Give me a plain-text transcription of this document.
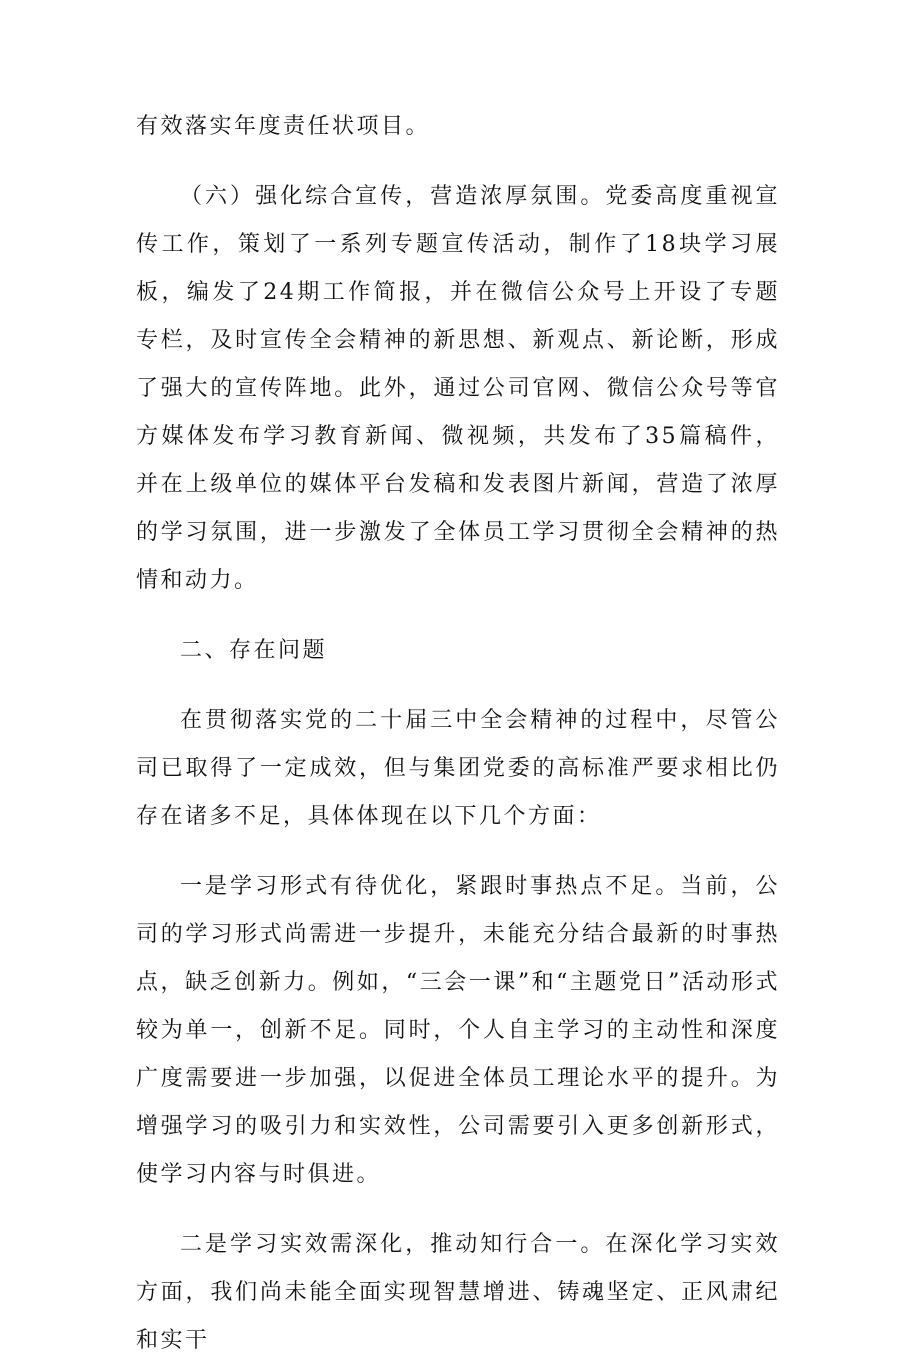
有效落实年度责任状项目。

（六）强化综合宣传，营造浓厚氛围。党委高度重视宣传工作，策划了一系列专题宣传活动，制作了18块学习展板，编发了24期工作简报，并在微信公众号上开设了专题专栏，及时宣传全会精神的新思想、新观点、新论断，形成了强大的宣传阵地。此外，通过公司官网、微信公众号等官方媒体发布学习教育新闻、微视频，共发布了35篇稿件，并在上级单位的媒体平台发稿和发表图片新闻，营造了浓厚的学习氛围，进一步激发了全体员工学习贯彻全会精神的热情和动力。

二、存在问题

在贯彻落实党的二十届三中全会精神的过程中，尽管公司已取得了一定成效，但与集团党委的高标准严要求相比仍存在诸多不足，具体体现在以下几个方面：

一是学习形式有待优化，紧跟时事热点不足。当前，公司的学习形式尚需进一步提升，未能充分结合最新的时事热点，缺乏创新力。例如，“三会一课”和“主题党日”活动形式较为单一，创新不足。同时，个人自主学习的主动性和深度广度需要进一步加强，以促进全体员工理论水平的提升。为增强学习的吸引力和实效性，公司需要引入更多创新形式，使学习内容与时俱进。

二是学习实效需深化，推动知行合一。在深化学习实效方面，我们尚未能全面实现智慧增进、铸魂坚定、正风肃纪和实干
